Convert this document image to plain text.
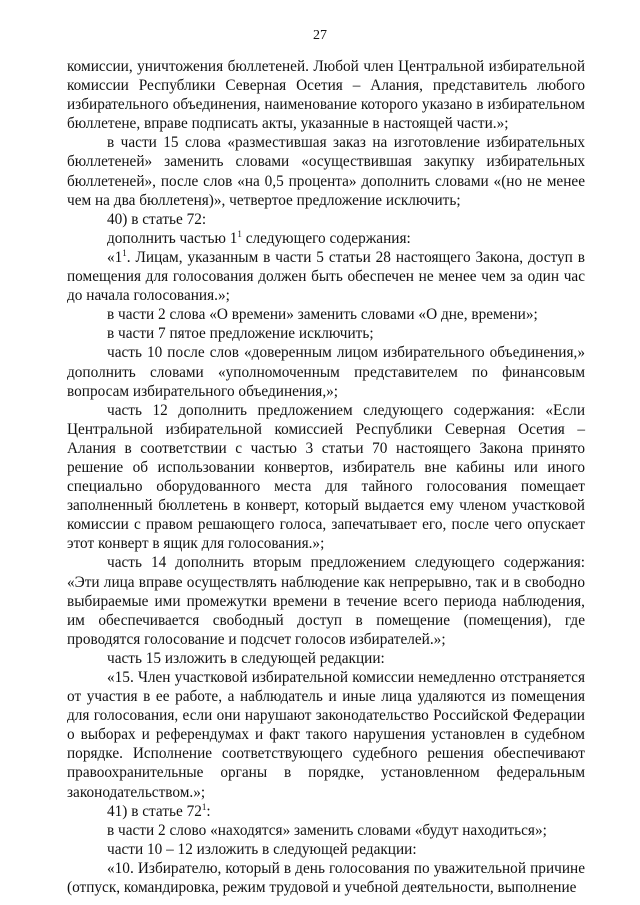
27

комиссии, уничтожения бюллетеней. Любой член Центральной избирательной комиссии Республики Северная Осетия – Алания, представитель любого избирательного объединения, наименование которого указано в избирательном бюллетене, вправе подписать акты, указанные в настоящей части.»;

в части 15 слова «разместившая заказ на изготовление избирательных бюллетеней» заменить словами «осуществившая закупку избирательных бюллетеней», после слов «на 0,5 процента» дополнить словами «(но не менее чем на два бюллетеня)», четвертое предложение исключить;

40) в статье 72:

дополнить частью $1^1$ следующего содержания:

«$1^1$. Лицам, указанным в части 5 статьи 28 настоящего Закона, доступ в помещения для голосования должен быть обеспечен не менее чем за один час до начала голосования.»;

в части 2 слова «О времени» заменить словами «О дне, времени»;

в части 7 пятое предложение исключить;

часть 10 после слов «доверенным лицом избирательного объединения,» дополнить словами «уполномоченным представителем по финансовым вопросам избирательного объединения,»;

часть 12 дополнить предложением следующего содержания: «Если Центральной избирательной комиссией Республики Северная Осетия – Алания в соответствии с частью 3 статьи 70 настоящего Закона принято решение об использовании конвертов, избиратель вне кабины или иного специально оборудованного места для тайного голосования помещает заполненный бюллетень в конверт, который выдается ему членом участковой комиссии с правом решающего голоса, запечатывает его, после чего опускает этот конверт в ящик для голосования.»;

часть 14 дополнить вторым предложением следующего содержания: «Эти лица вправе осуществлять наблюдение как непрерывно, так и в свободно выбираемые ими промежутки времени в течение всего периода наблюдения, им обеспечивается свободный доступ в помещение (помещения), где проводятся голосование и подсчет голосов избирателей.»;

часть 15 изложить в следующей редакции:

«15. Член участковой избирательной комиссии немедленно отстраняется от участия в ее работе, а наблюдатель и иные лица удаляются из помещения для голосования, если они нарушают законодательство Российской Федерации о выборах и референдумах и факт такого нарушения установлен в судебном порядке. Исполнение соответствующего судебного решения обеспечивают правоохранительные органы в порядке, установленном федеральным законодательством.»;

41) в статье $72^1$:

в части 2 слово «находятся» заменить словами «будут находиться»;

части 10 – 12 изложить в следующей редакции:

«10. Избирателю, который в день голосования по уважительной причине (отпуск, командировка, режим трудовой и учебной деятельности, выполнение
